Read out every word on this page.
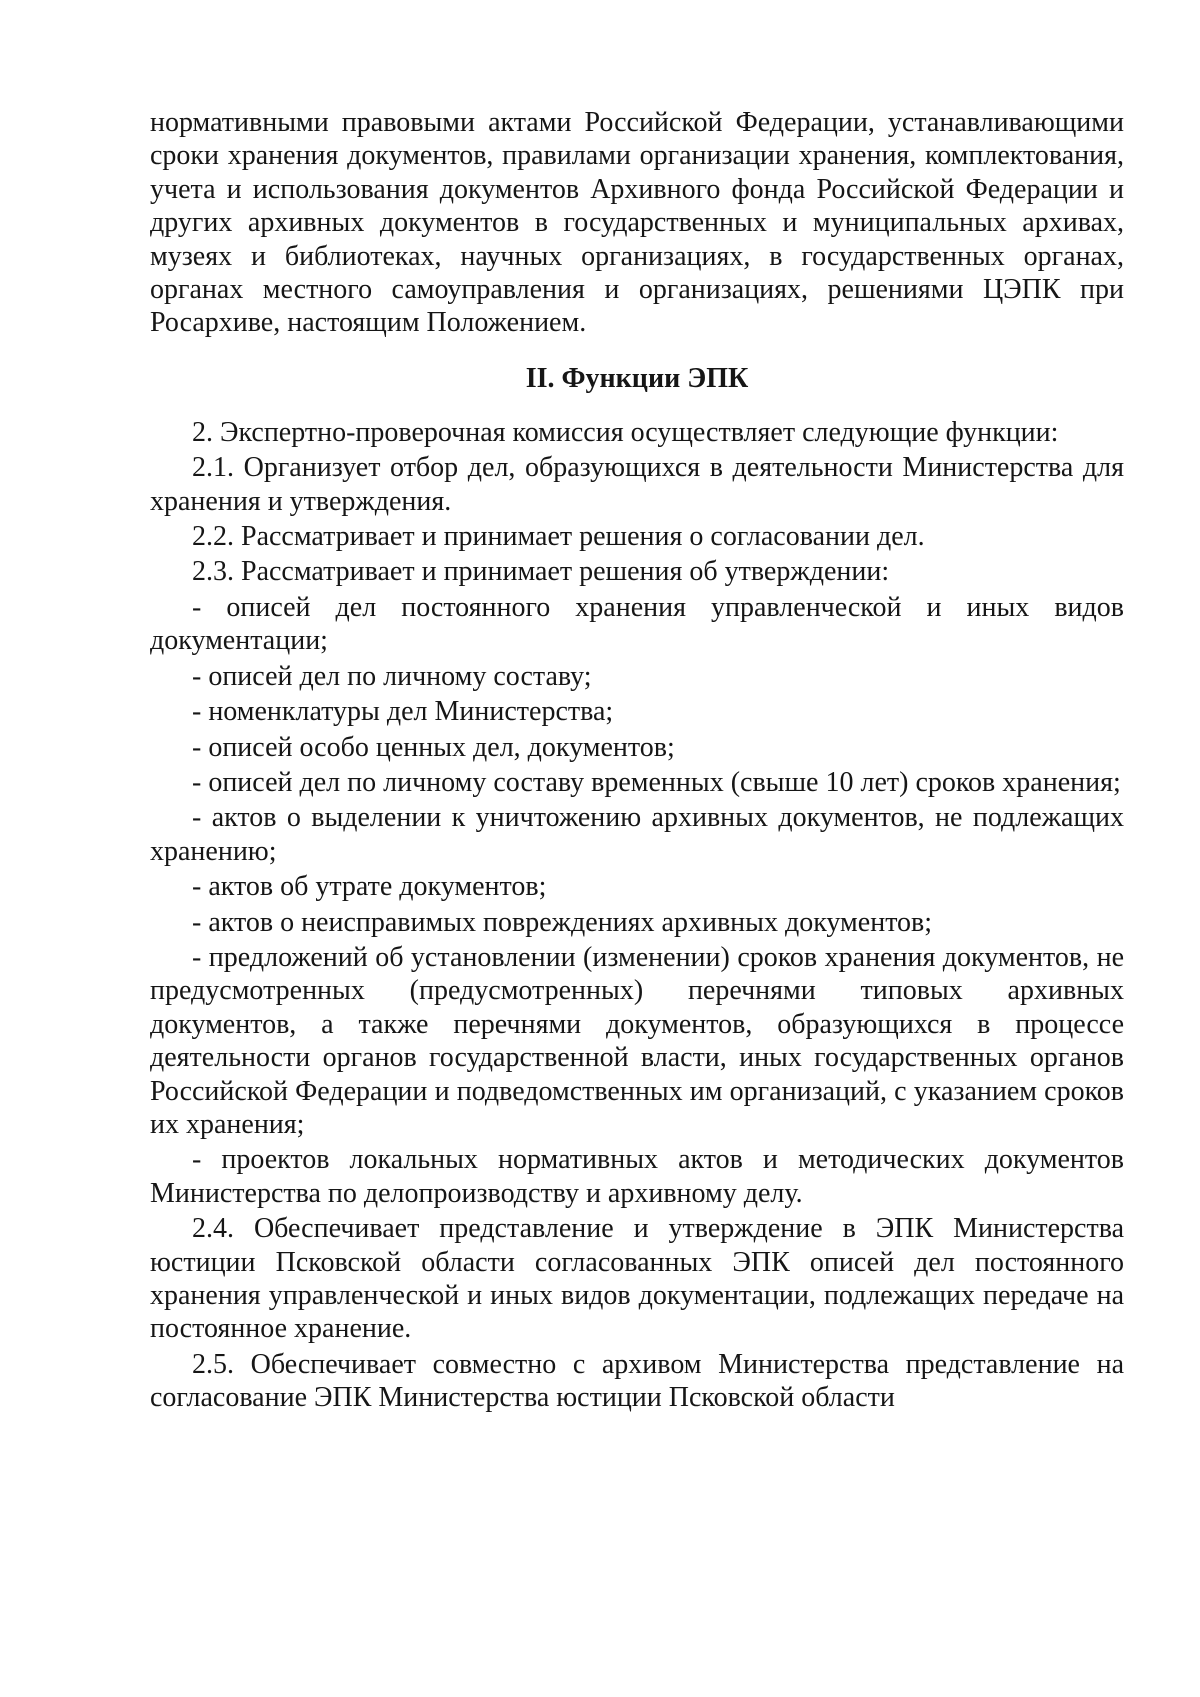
нормативными правовыми актами Российской Федерации, устанавливающими сроки хранения документов, правилами организации хранения, комплектования, учета и использования документов Архивного фонда Российской Федерации и других архивных документов в государственных и муниципальных архивах, музеях и библиотеках, научных организациях, в государственных органах, органах местного самоуправления и организациях, решениями ЦЭПК при Росархиве, настоящим Положением.

II. Функции ЭПК

2. Экспертно-проверочная комиссия осуществляет следующие функции:

2.1. Организует отбор дел, образующихся в деятельности Министерства для хранения и утверждения.

2.2. Рассматривает и принимает решения о согласовании дел.

2.3. Рассматривает и принимает решения об утверждении:

- описей дел постоянного хранения управленческой и иных видов документации;

- описей дел по личному составу;

- номенклатуры дел Министерства;

- описей особо ценных дел, документов;

- описей дел по личному составу временных (свыше 10 лет) сроков хранения;

- актов о выделении к уничтожению архивных документов, не подлежащих хранению;

- актов об утрате документов;

- актов о неисправимых повреждениях архивных документов;

- предложений об установлении (изменении) сроков хранения документов, не предусмотренных (предусмотренных) перечнями типовых архивных документов, а также перечнями документов, образующихся в процессе деятельности органов государственной власти, иных государственных органов Российской Федерации и подведомственных им организаций, с указанием сроков их хранения;

- проектов локальных нормативных актов и методических документов Министерства по делопроизводству и архивному делу.

2.4. Обеспечивает представление и утверждение в ЭПК Министерства юстиции Псковской области согласованных ЭПК описей дел постоянного хранения управленческой и иных видов документации, подлежащих передаче на постоянное хранение.

2.5. Обеспечивает совместно с архивом Министерства представление на согласование ЭПК Министерства юстиции Псковской области
